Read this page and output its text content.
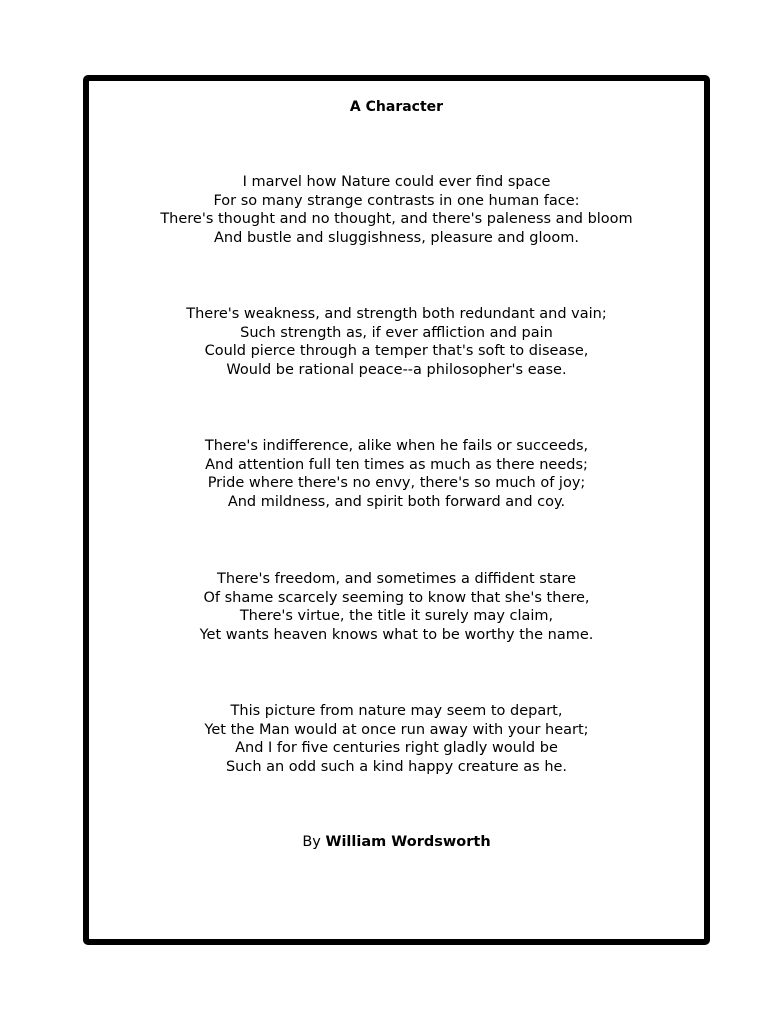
A Character
I marvel how Nature could ever find space
For so many strange contrasts in one human face:
There's thought and no thought, and there's paleness and bloom
And bustle and sluggishness, pleasure and gloom.
There's weakness, and strength both redundant and vain;
Such strength as, if ever affliction and pain
Could pierce through a temper that's soft to disease,
Would be rational peace--a philosopher's ease.
There's indifference, alike when he fails or succeeds,
And attention full ten times as much as there needs;
Pride where there's no envy, there's so much of joy;
And mildness, and spirit both forward and coy.
There's freedom, and sometimes a diffident stare
Of shame scarcely seeming to know that she's there,
There's virtue, the title it surely may claim,
Yet wants heaven knows what to be worthy the name.
This picture from nature may seem to depart,
Yet the Man would at once run away with your heart;
And I for five centuries right gladly would be
Such an odd such a kind happy creature as he.
By William Wordsworth
